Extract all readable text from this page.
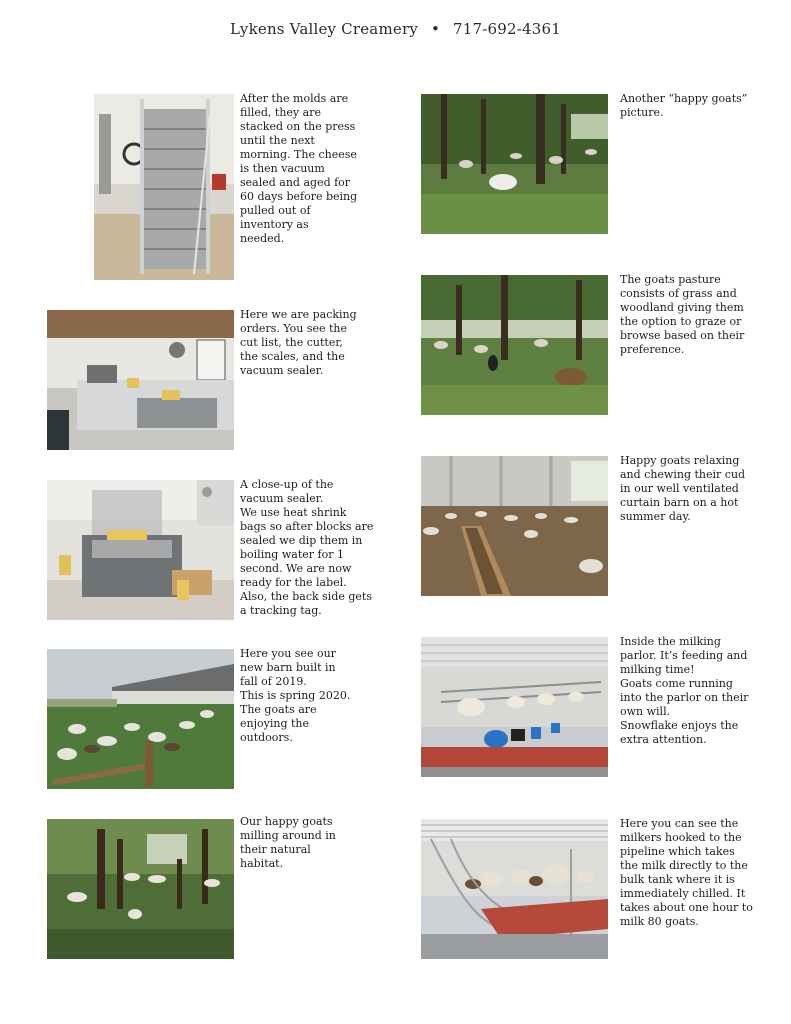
Lykens Valley Creamery • 717-692-4361
After the molds are
filled, they are
stacked on the press
until the next
morning. The cheese
is then vacuum
sealed and aged for
60 days before being
pulled out of
inventory as
needed.
Here we are packing
orders. You see the
cut list, the cutter,
the scales, and the
vacuum sealer.
A close-up of the
vacuum sealer.
We use heat shrink
bags so after blocks are
sealed we dip them in
boiling water for 1
second. We are now
ready for the label.
Also, the back side gets
a tracking tag.
Here you see our
new barn built in
fall of 2019.
This is spring 2020.
The goats are
enjoying the
outdoors.
Our happy goats
milling around in
their natural
habitat.
Another “happy goats”
picture.
The goats pasture
consists of grass and
woodland giving them
the option to graze or
browse based on their
preference.
Happy goats relaxing
and chewing their cud
in our well ventilated
curtain barn on a hot
summer day.
Inside the milking
parlor. It’s feeding and
milking time!
Goats come running
into the parlor on their
own will.
Snowflake enjoys the
extra attention.
Here you can see the
milkers hooked to the
pipeline which takes
the milk directly to the
bulk tank where it is
immediately chilled. It
takes about one hour to
milk 80 goats.
